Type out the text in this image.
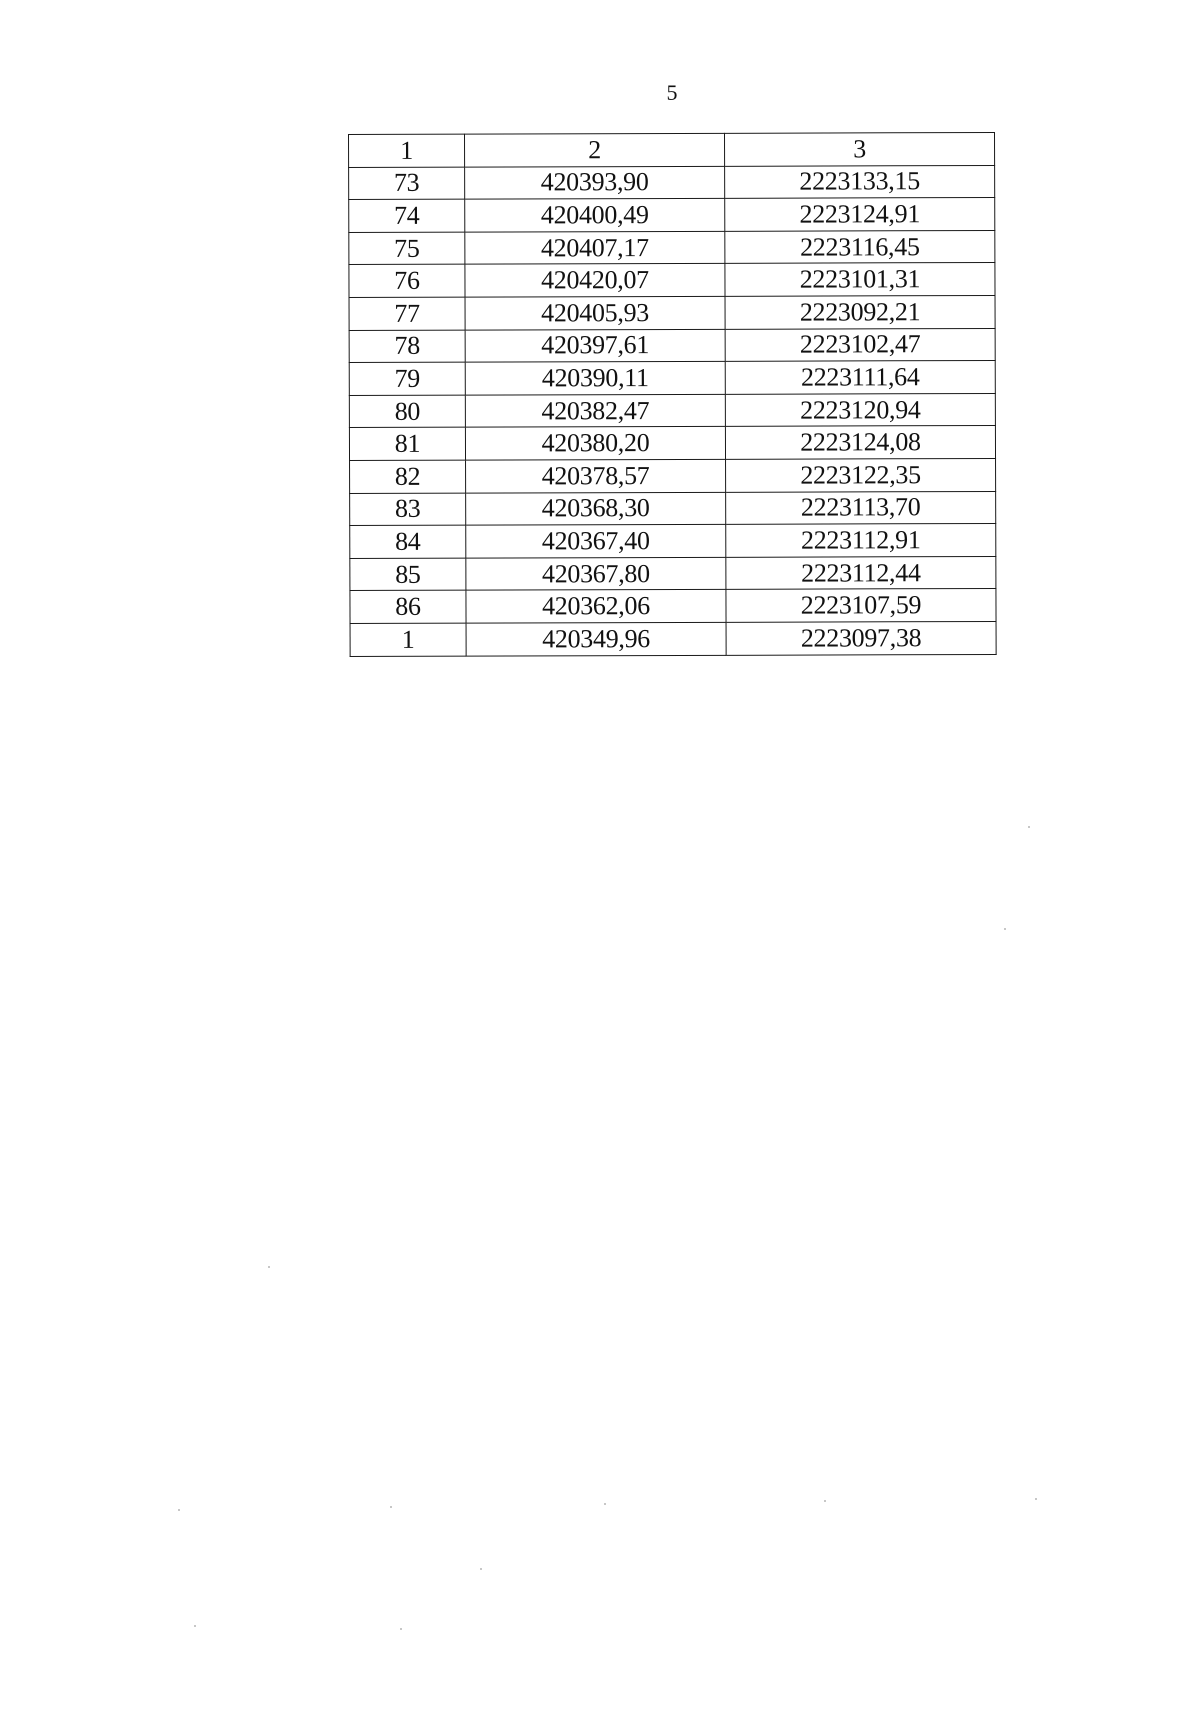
5
1	2	3
73	420393,90	2223133,15
74	420400,49	2223124,91
75	420407,17	2223116,45
76	420420,07	2223101,31
77	420405,93	2223092,21
78	420397,61	2223102,47
79	420390,11	2223111,64
80	420382,47	2223120,94
81	420380,20	2223124,08
82	420378,57	2223122,35
83	420368,30	2223113,70
84	420367,40	2223112,91
85	420367,80	2223112,44
86	420362,06	2223107,59
1	420349,96	2223097,38
